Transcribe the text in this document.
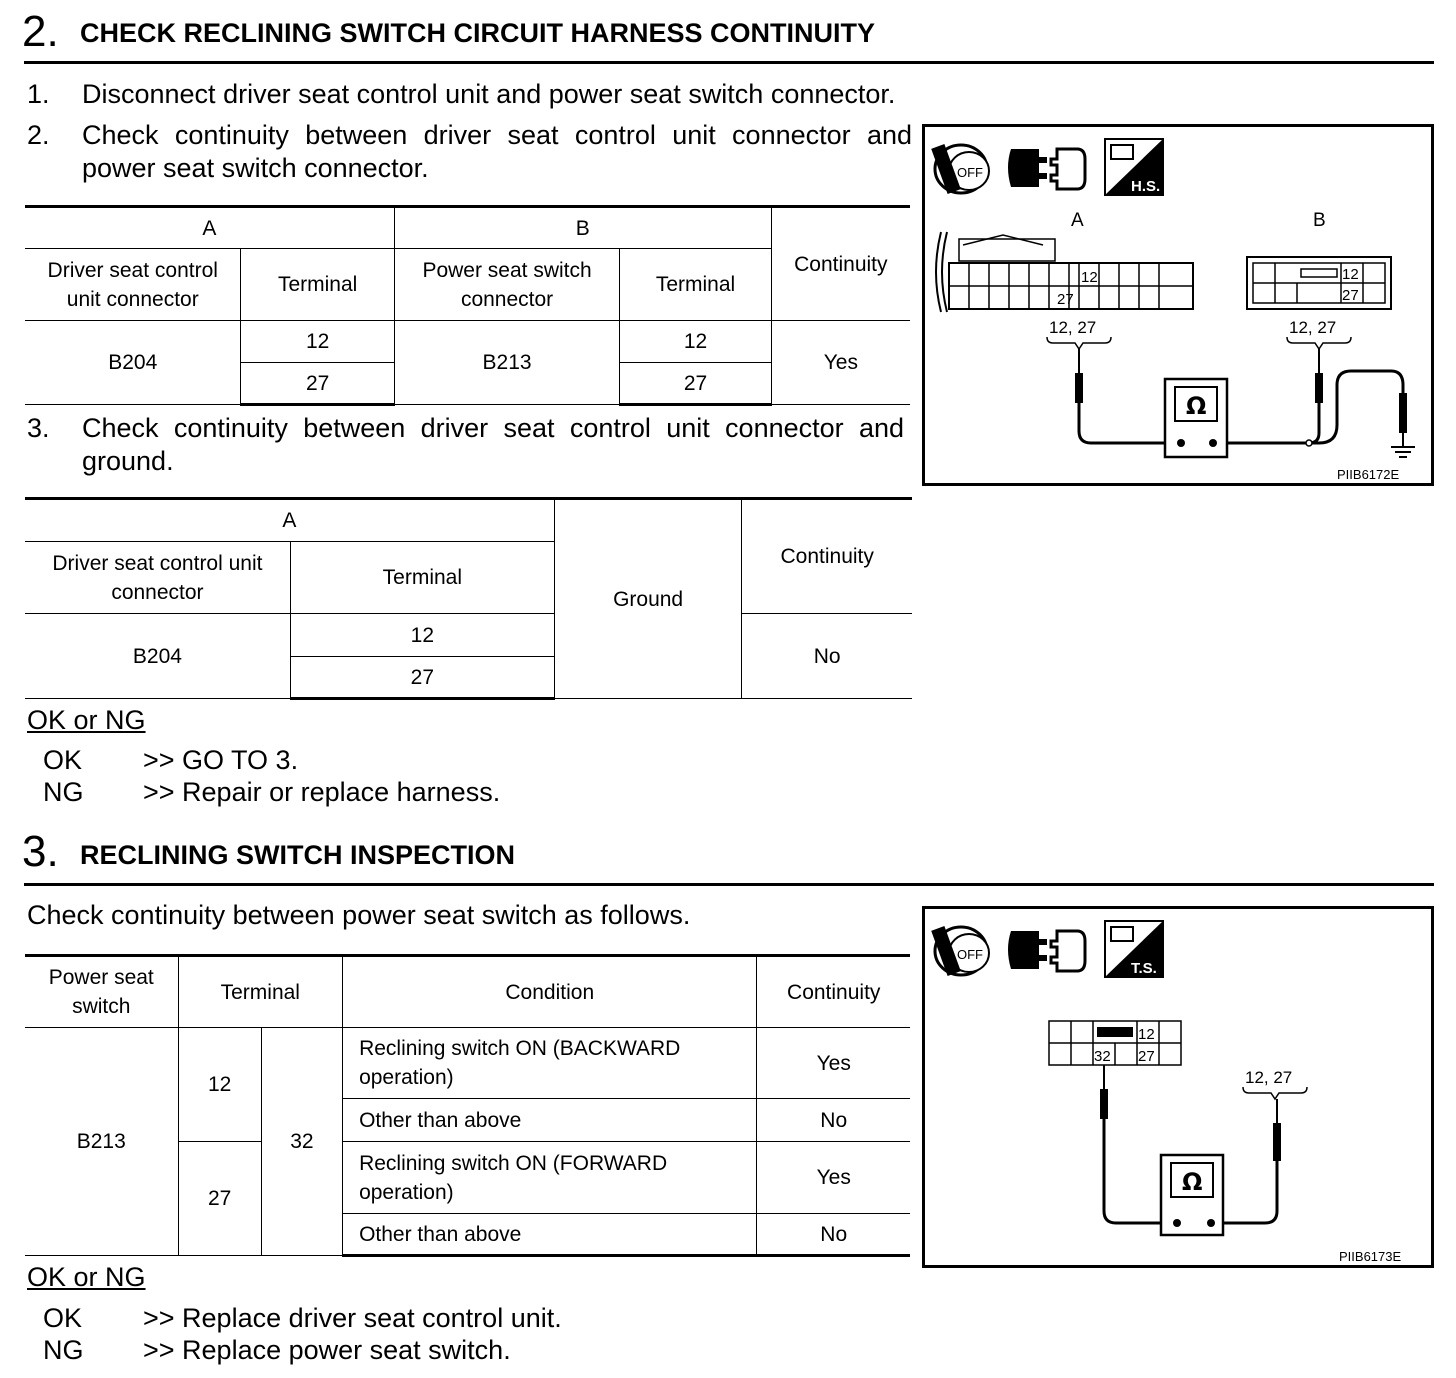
2. CHECK RECLINING SWITCH CIRCUIT HARNESS CONTINUITY
1. Disconnect driver seat control unit and power seat switch connector.
2. Check continuity between driver seat control unit connector and power seat switch connector.
A		B		Continuity
Driver seat control unit connector	Terminal	Power seat switch connector	Terminal	
B204	12	B213	12	Yes
	27		27	
3. Check continuity between driver seat control unit connector and ground.
A		Ground	Continuity
Driver seat control unit connector	Terminal		
B204	12		No
	27		
OK or NG
OK >> GO TO 3.
NG >> Repair or replace harness.
OFF
H.S.
A
12
27
B
12
27
12, 27	12, 27
Ω
PIIB6172E
3. RECLINING SWITCH INSPECTION
Check continuity between power seat switch as follows.
Power seat switch	Terminal		Condition	Continuity
B213	12	32	Reclining switch ON (BACKWARD operation)	Yes
			Other than above	No
	27		Reclining switch ON (FORWARD operation)	Yes
			Other than above	No
OK or NG
OK >> Replace driver seat control unit.
NG >> Replace power seat switch.
OFF
T.S.
12
27
32
12, 27
Ω
PIIB6173E
